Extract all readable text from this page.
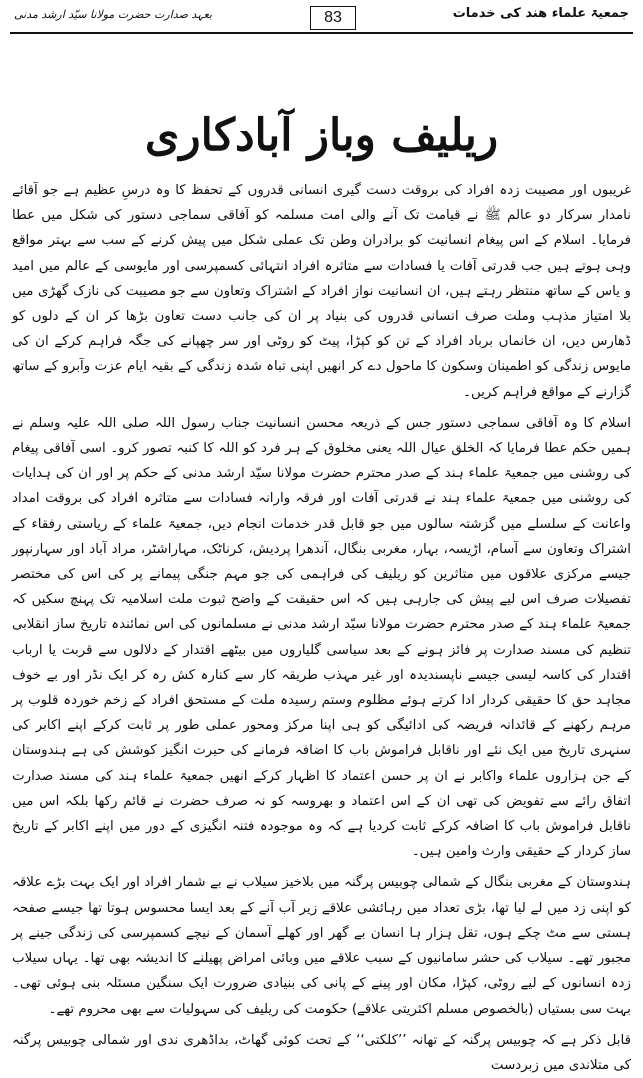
جمعیۃ علماء ھند کی خدمات
83
بعہد صدارت حضرت مولانا سیّد ارشد مدنی
ریلیف وباز آبادکاری

غریبوں اور مصیبت زدہ افراد کی بروقت دست گیری انسانی قدروں کے تحفظ کا وہ درسِ عظیم ہے جو آقائے نامدار سرکار دو عالم ﷺ نے قیامت تک آنے والی امت مسلمہ کو آفاقی سماجی دستور کی شکل میں عطا فرمایا۔ اسلام کے اس پیغام انسانیت کو برادران وطن تک عملی شکل میں پیش کرنے کے سب سے بہتر مواقع وہی ہوتے ہیں جب قدرتی آفات یا فسادات سے متاثرہ افراد انتہائی کسمپرسی اور مایوسی کے عالم میں امید و یاس کے ساتھ منتظر رہتے ہیں، ان انسانیت نواز افراد کے اشتراک وتعاون سے جو مصیبت کی نازک گھڑی میں بلا امتیاز مذہب وملت صرف انسانی قدروں کی بنیاد پر ان کی جانب دست تعاون بڑھا کر ان کے دلوں کو ڈھارس دیں، ان خانماں برباد افراد کے تن کو کپڑا، پیٹ کو روٹی اور سر چھپانے کی جگہ فراہم کرکے ان کی مایوس زندگی کو اطمینان وسکون کا ماحول دے کر انھیں اپنی تباہ شدہ زندگی کے بقیہ ایام عزت وآبرو کے ساتھ گزارنے کے مواقع فراہم کریں۔

اسلام کا وہ آفاقی سماجی دستور جس کے ذریعہ محسن انسانیت جناب رسول اللہ صلی اللہ علیہ وسلم نے ہمیں حکم عطا فرمایا کہ الخلق عیال اللہ یعنی مخلوق کے ہر فرد کو اللہ کا کنبہ تصور کرو۔ اسی آفاقی پیغام کی روشنی میں جمعیۃ علماء ہند کے صدر محترم حضرت مولانا سیّد ارشد مدنی کے حکم پر اور ان کی ہدایات کی روشنی میں جمعیۃ علماء ہند نے قدرتی آفات اور فرقہ وارانہ فسادات سے متاثرہ افراد کی بروقت امداد واعانت کے سلسلے میں گزشتہ سالوں میں جو قابل قدر خدمات انجام دیں، جمعیۃ علماء کے ریاستی رفقاء کے اشتراک وتعاون سے آسام، اڑیسہ، بہار، مغربی بنگال، آندھرا پردیش، کرناٹک، مہاراشٹر، مراد آباد اور سہارنپور جیسے مرکزی علاقوں میں متاثرین کو ریلیف کی فراہمی کی جو مہم جنگی پیمانے پر کی اس کی مختصر تفصیلات صرف اس لیے پیش کی جارہی ہیں کہ اس حقیقت کے واضح ثبوت ملت اسلامیہ تک پہنچ سکیں کہ جمعیۃ علماء ہند کے صدر محترم حضرت مولانا سیّد ارشد مدنی نے مسلمانوں کی اس نمائندہ تاریخ ساز انقلابی تنظیم کی مسند صدارت پر فائز ہونے کے بعد سیاسی گلیاروں میں بیٹھے اقتدار کے دلالوں سے قربت یا ارباب اقتدار کی کاسہ لیسی جیسے ناپسندیدہ اور غیر مہذب طریقہ کار سے کنارہ کش رہ کر ایک نڈر اور بے خوف مجاہد حق کا حقیقی کردار ادا کرتے ہوئے مظلوم وستم رسیدہ ملت کے مستحق افراد کے زخم خوردہ قلوب پر مرہم رکھنے کے قائدانہ فریضہ کی ادائیگی کو ہی اپنا مرکز ومحور عملی طور پر ثابت کرکے اپنے اکابر کی سنہری تاریخ میں ایک نئے اور ناقابل فراموش باب کا اضافہ فرمانے کی حیرت انگیز کوشش کی ہے ہندوستان کے جن ہزاروں علماء واکابر نے ان پر حسن اعتماد کا اظہار کرکے انھیں جمعیۃ علماء ہند کی مسند صدارت اتفاق رائے سے تفویض کی تھی ان کے اس اعتماد و بھروسہ کو نہ صرف حضرت نے قائم رکھا بلکہ اس میں ناقابل فراموش باب کا اضافہ کرکے ثابت کردیا ہے کہ وہ موجودہ فتنہ انگیزی کے دور میں اپنے اکابر کے تاریخ ساز کردار کے حقیقی وارث وامین ہیں۔

ہندوستان کے مغربی بنگال کے شمالی چوبیس پرگنہ میں بلاخیز سیلاب نے بے شمار افراد اور ایک بہت بڑے علاقہ کو اپنی زد میں لے لیا تھا، بڑی تعداد میں رہائشی علاقے زیر آب آنے کے بعد ایسا محسوس ہوتا تھا جیسے صفحہ ہستی سے مٹ چکے ہوں، تقل ہزار ہا انسان بے گھر اور کھلے آسمان کے نیچے کسمپرسی کی زندگی جینے پر مجبور تھے۔ سیلاب کی حشر سامانیوں کے سبب علاقے میں وبائی امراض پھیلنے کا اندیشہ بھی تھا۔ یہاں سیلاب زدہ انسانوں کے لیے روٹی، کپڑا، مکان اور پینے کے پانی کی بنیادی ضرورت ایک سنگین مسئلہ بنی ہوئی تھی۔ بہت سی بستیاں (بالخصوص مسلم اکثریتی علاقے) حکومت کی ریلیف کی سہولیات سے بھی محروم تھے۔

قابل ذکر ہے کہ چوبیس پرگنہ کے تھانہ ’’کلکتی‘‘ کے تحت کوئی گھاٹ، بداڈھری ندی اور شمالی چوبیس پرگنہ کی متلاندی میں زبردست
